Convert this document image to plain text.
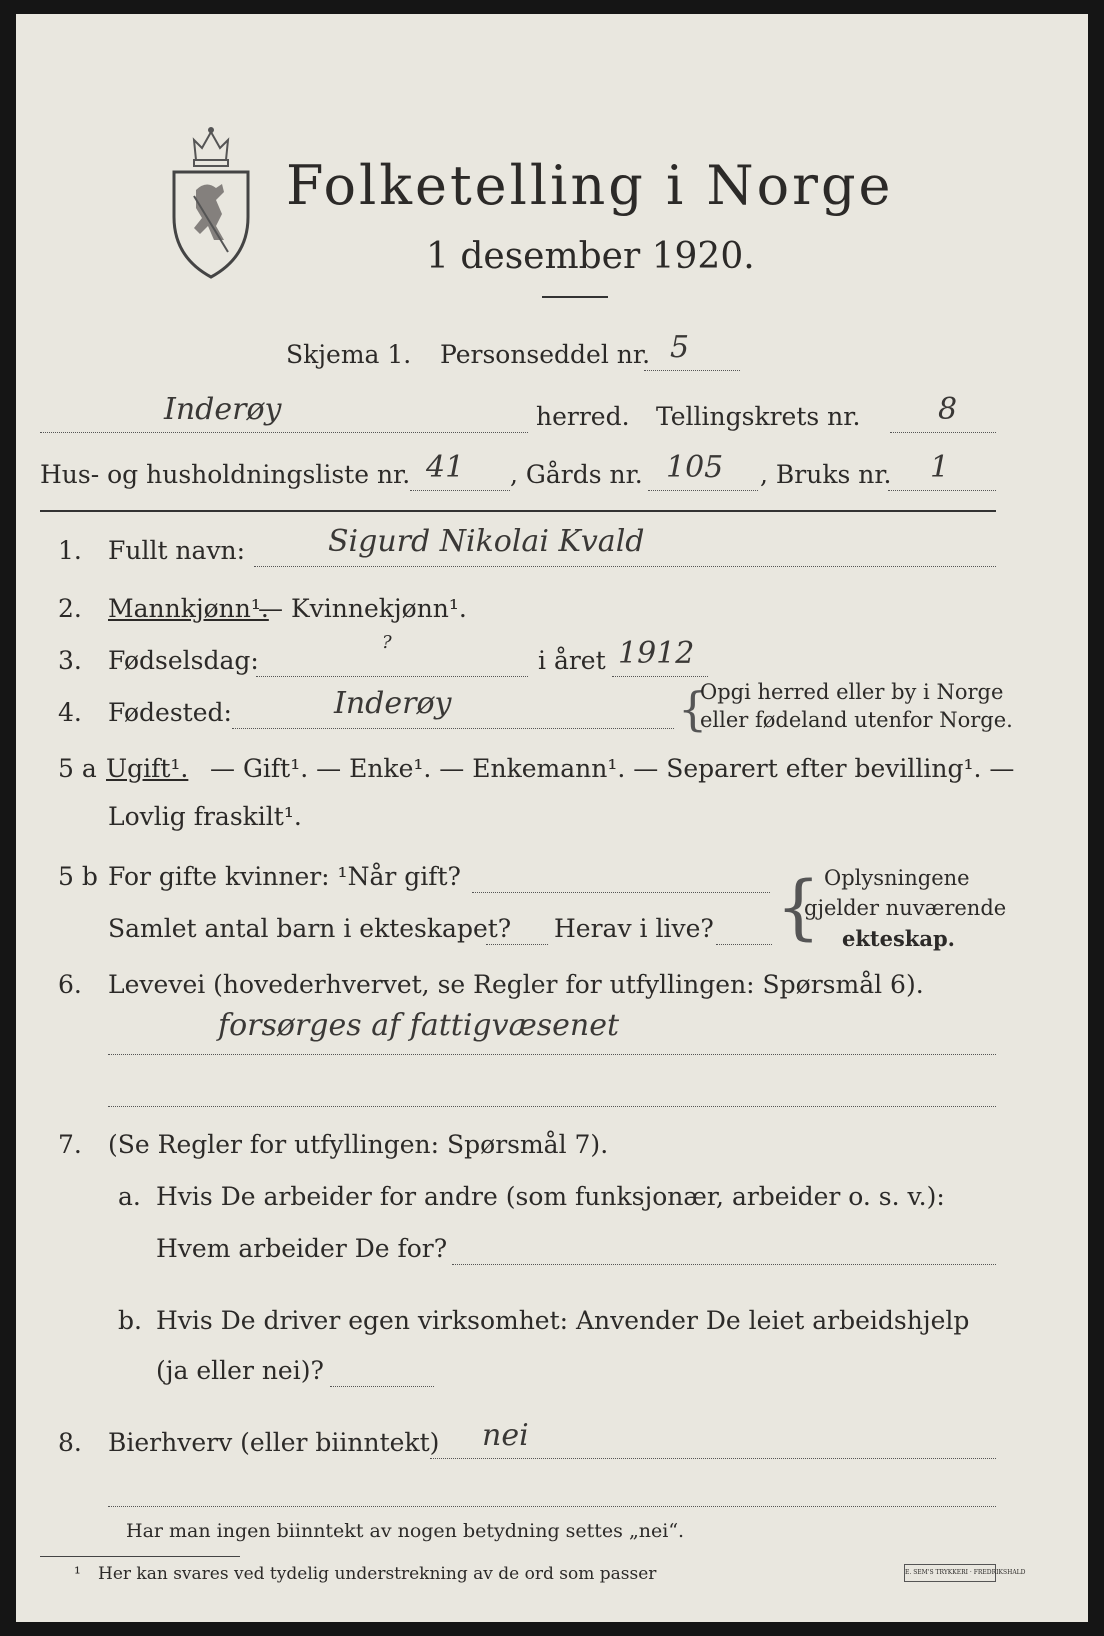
Folketelling i Norge
1 desember 1920.
Skjema 1. Personseddel nr. 5
Inderøy	herred. Tellingskrets nr.	8
Hus- og husholdningsliste nr. 41 , Gårds nr. 105 , Bruks nr. 1
1. Fullt navn:	Sigurd Nikolai Kvald
2. Mannkjønn¹.
— Kvinnekjønn¹.
3. Fødselsdag:
?
i året 1912
4. Fødested:	Inderøy	{
Opgi herred eller by i Norge
eller fødeland utenfor Norge.
5 a Ugift¹. — Gift¹. — Enke¹. — Enkemann¹. — Separert efter bevilling¹. —
Lovlig fraskilt¹.
5 b For gifte kvinner: ¹Når gift?
Samlet antal barn i ekteskapet? Herav i live? { Oplysningene
gjelder nuværende
ekteskap.
6. Levevei (hovederhvervet, se Regler for utfyllingen: Spørsmål 6).
forsørges af fattigvæsenet
7. (Se Regler for utfyllingen: Spørsmål 7).
a. Hvis De arbeider for andre (som funksjonær, arbeider o. s. v.):
Hvem arbeider De for?
b. Hvis De driver egen virksomhet: Anvender De leiet arbeidshjelp
(ja eller nei)?
8. Bierhverv (eller biinntekt) nei
Har man ingen biinntekt av nogen betydning settes „nei“.
¹ Her kan svares ved tydelig understrekning av de ord som passer	E. SEM'S TRYKKERI · FREDRIKSHALD
